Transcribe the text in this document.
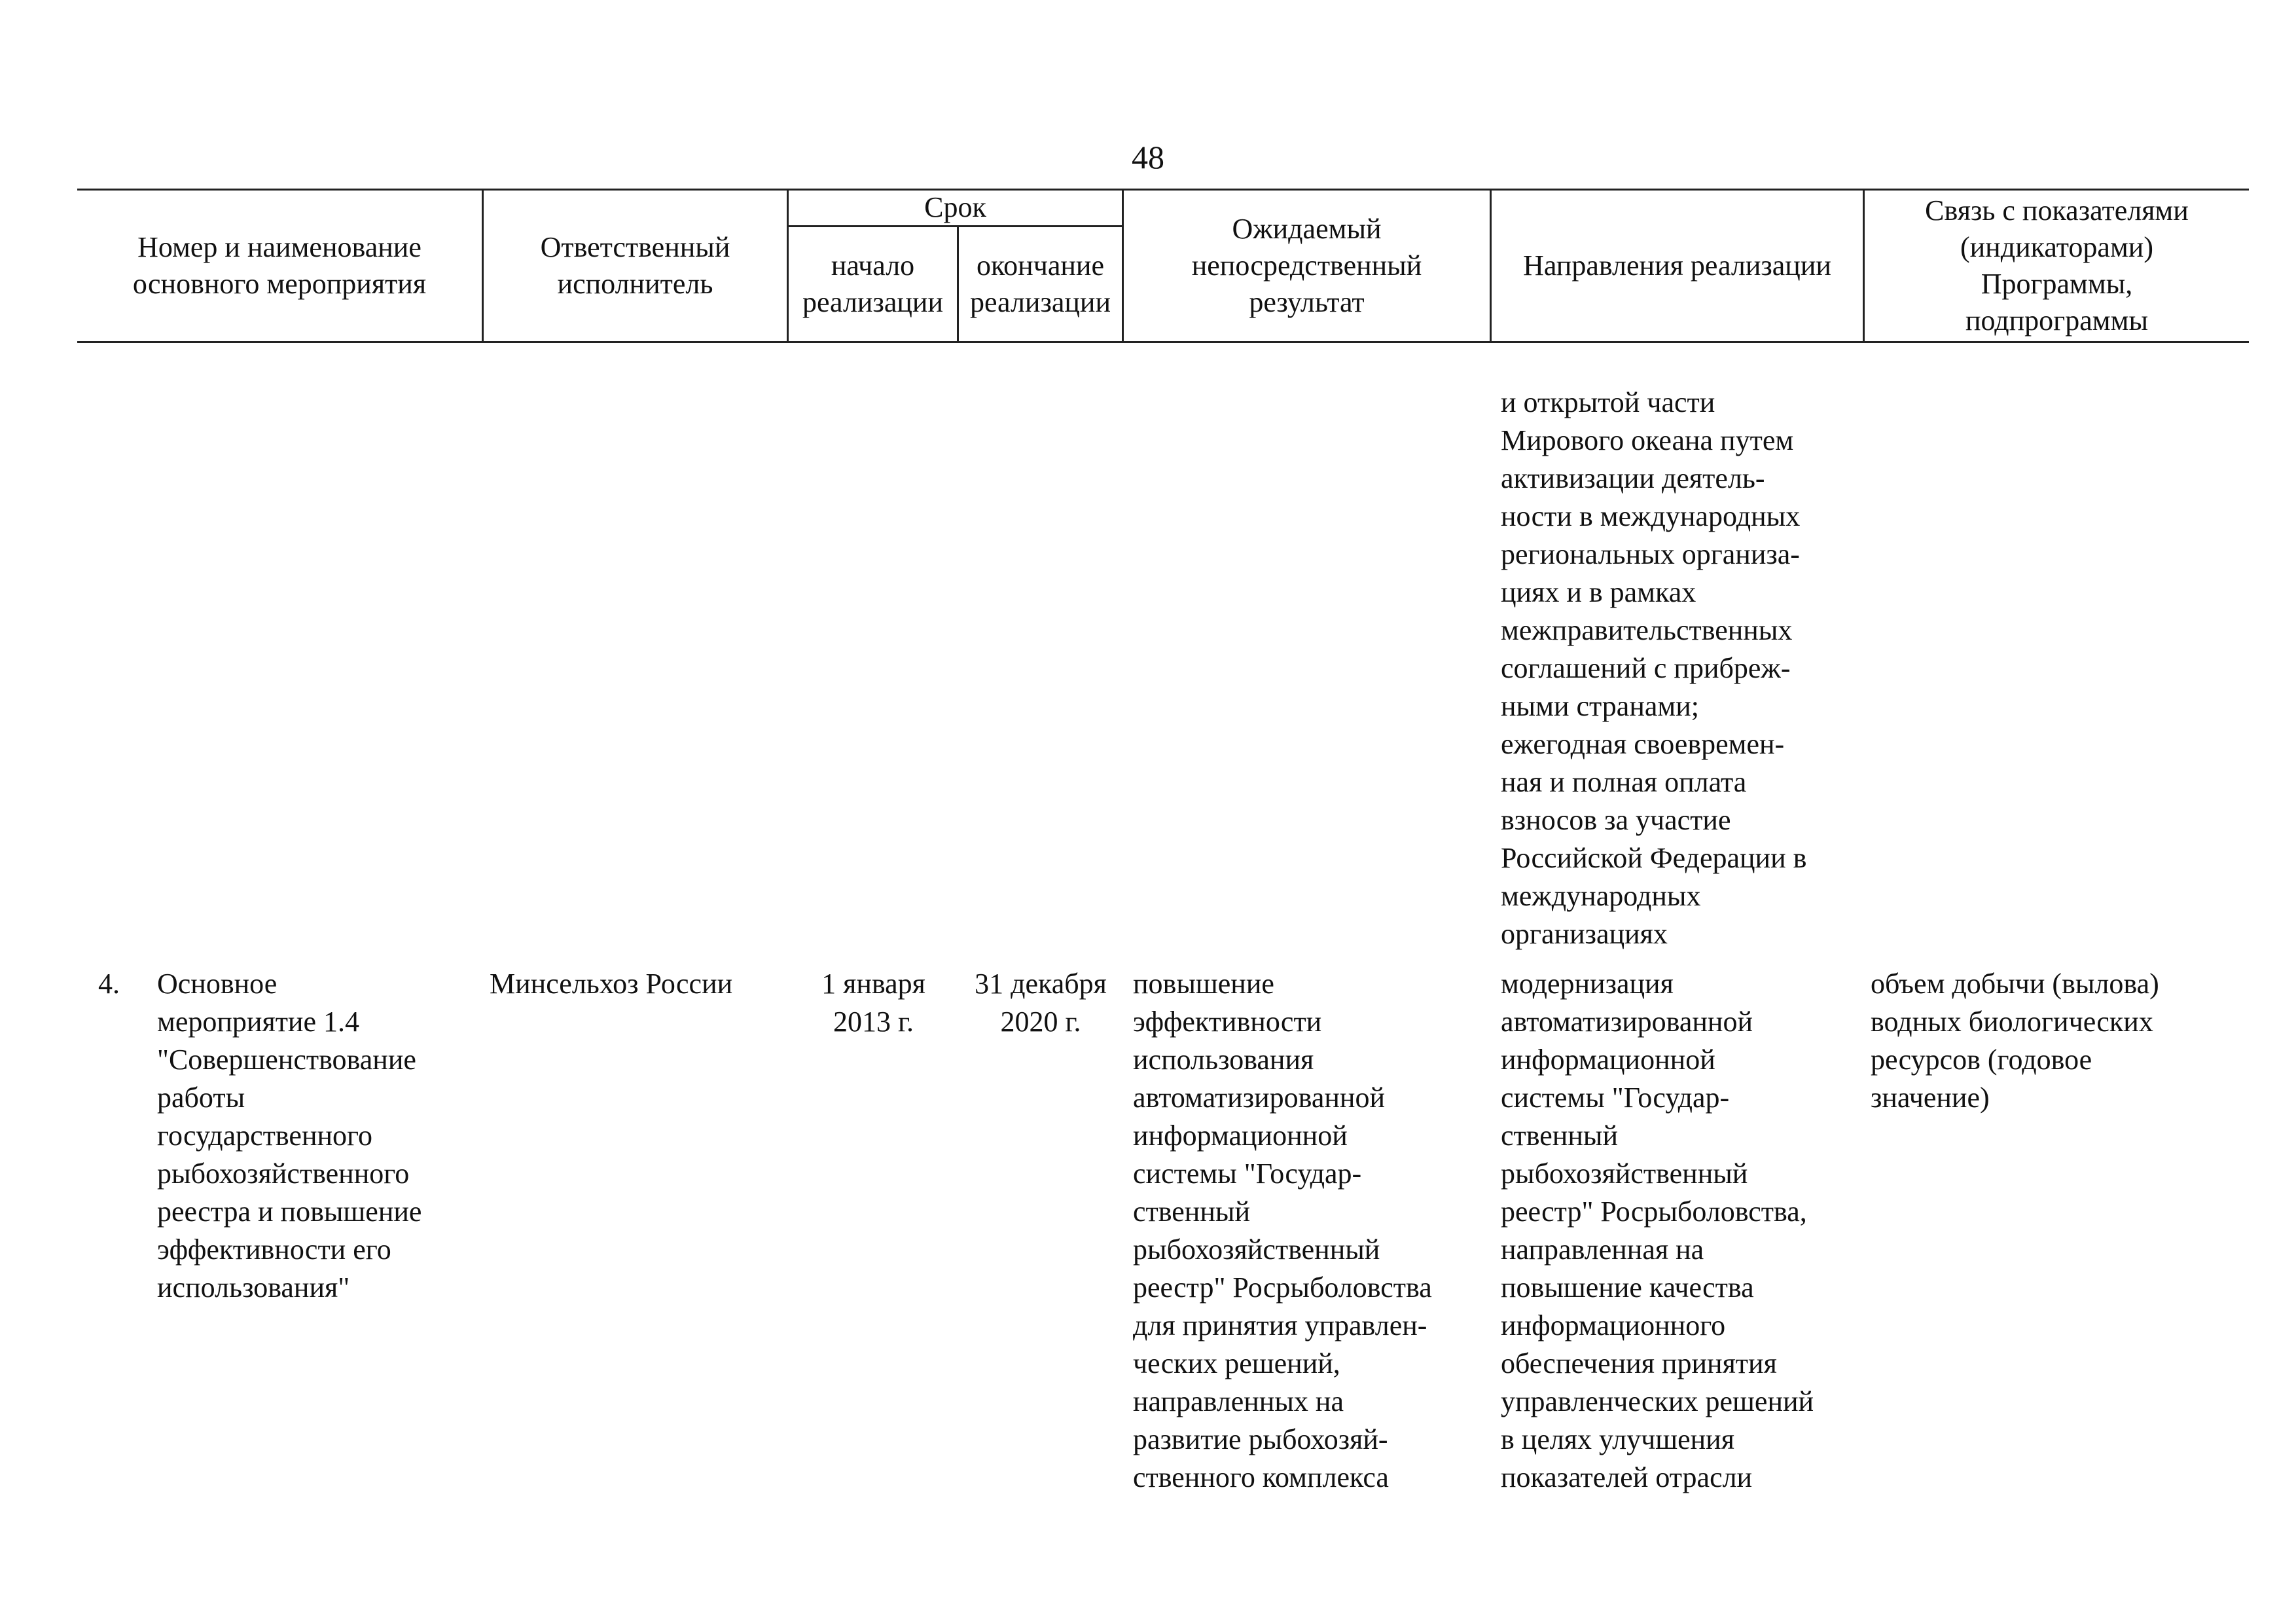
48
Номер и наименование
основного мероприятия
Ответственный
исполнитель
Срок
начало
реализации
окончание
реализации
Ожидаемый
непосредственный
результат
Направления реализации
Связь с показателями
(индикаторами)
Программы,
подпрограммы
и открытой части
Мирового океана путем
активизации деятель-
ности в международных
региональных организа-
циях и в рамках
межправительственных
соглашений с прибреж-
ными странами;
ежегодная своевремен-
ная и полная оплата
взносов за участие
Российской Федерации в
международных
организациях
4. Основное
мероприятие 1.4
"Совершенствование
работы
государственного
рыбохозяйственного
реестра и повышение
эффективности его
использования"
Минсельхоз России	1 января
2013 г.
31 декабря
2020 г.
повышение
эффективности
использования
автоматизированной
информационной
системы "Государ-
ственный
рыбохозяйственный
реестр" Росрыболовства
для принятия управлен-
ческих решений,
направленных на
развитие рыбохозяй-
ственного комплекса
модернизация
автоматизированной
информационной
системы "Государ-
ственный
рыбохозяйственный
реестр" Росрыболовства,
направленная на
повышение качества
информационного
обеспечения принятия
управленческих решений
в целях улучшения
показателей отрасли
объем добычи (вылова)
водных биологических
ресурсов (годовое
значение)
